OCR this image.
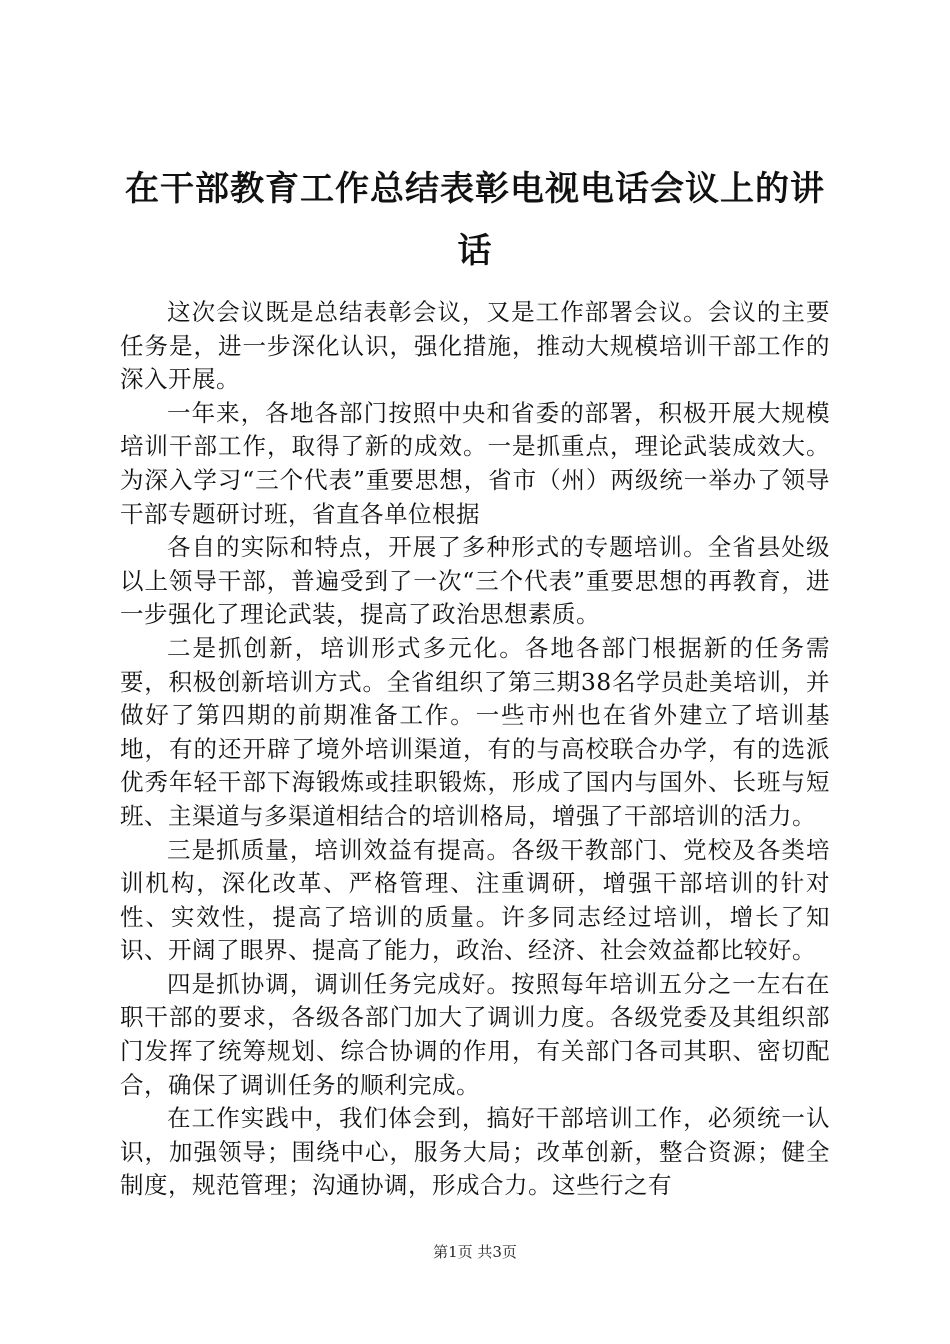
在干部教育工作总结表彰电视电话会议上的讲话

这次会议既是总结表彰会议，又是工作部署会议。会议的主要任务是，进一步深化认识，强化措施，推动大规模培训干部工作的深入开展。

一年来，各地各部门按照中央和省委的部署，积极开展大规模培训干部工作，取得了新的成效。一是抓重点，理论武装成效大。为深入学习“三个代表”重要思想，省市（州）两级统一举办了领导干部专题研讨班，省直各单位根据

各自的实际和特点，开展了多种形式的专题培训。全省县处级以上领导干部，普遍受到了一次“三个代表”重要思想的再教育，进一步强化了理论武装，提高了政治思想素质。

二是抓创新，培训形式多元化。各地各部门根据新的任务需要，积极创新培训方式。全省组织了第三期38名学员赴美培训，并做好了第四期的前期准备工作。一些市州也在省外建立了培训基地，有的还开辟了境外培训渠道，有的与高校联合办学，有的选派优秀年轻干部下海锻炼或挂职锻炼，形成了国内与国外、长班与短班、主渠道与多渠道相结合的培训格局，增强了干部培训的活力。

三是抓质量，培训效益有提高。各级干教部门、党校及各类培训机构，深化改革、严格管理、注重调研，增强干部培训的针对性、实效性，提高了培训的质量。许多同志经过培训，增长了知识、开阔了眼界、提高了能力，政治、经济、社会效益都比较好。

四是抓协调，调训任务完成好。按照每年培训五分之一左右在职干部的要求，各级各部门加大了调训力度。各级党委及其组织部门发挥了统筹规划、综合协调的作用，有关部门各司其职、密切配合，确保了调训任务的顺利完成。

在工作实践中，我们体会到，搞好干部培训工作，必须统一认识，加强领导；围绕中心，服务大局；改革创新，整合资源；健全制度，规范管理；沟通协调，形成合力。这些行之有

第1页 共3页
